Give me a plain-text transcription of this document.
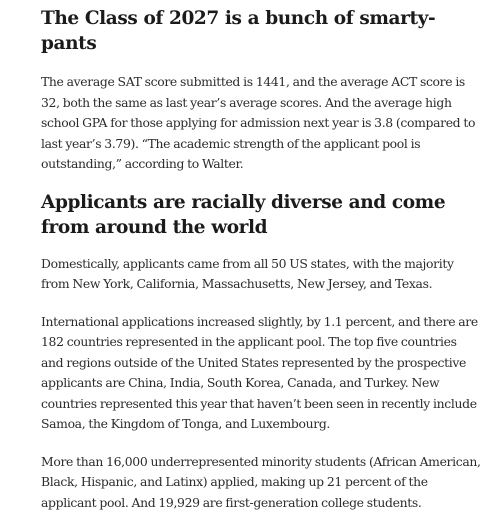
The Class of 2027 is a bunch of smarty-pants

The average SAT score submitted is 1441, and the average ACT score is 32, both the same as last year’s average scores. And the average high school GPA for those applying for admission next year is 3.8 (compared to last year’s 3.79). “The academic strength of the applicant pool is outstanding,” according to Walter.

Applicants are racially diverse and come from around the world

Domestically, applicants came from all 50 US states, with the majority from New York, California, Massachusetts, New Jersey, and Texas.

International applications increased slightly, by 1.1 percent, and there are 182 countries represented in the applicant pool. The top five countries and regions outside of the United States represented by the prospective applicants are China, India, South Korea, Canada, and Turkey. New countries represented this year that haven’t been seen in recently include Samoa, the Kingdom of Tonga, and Luxembourg.

More than 16,000 underrepresented minority students (African American, Black, Hispanic, and Latinx) applied, making up 21 percent of the applicant pool. And 19,929 are first-generation college students.
